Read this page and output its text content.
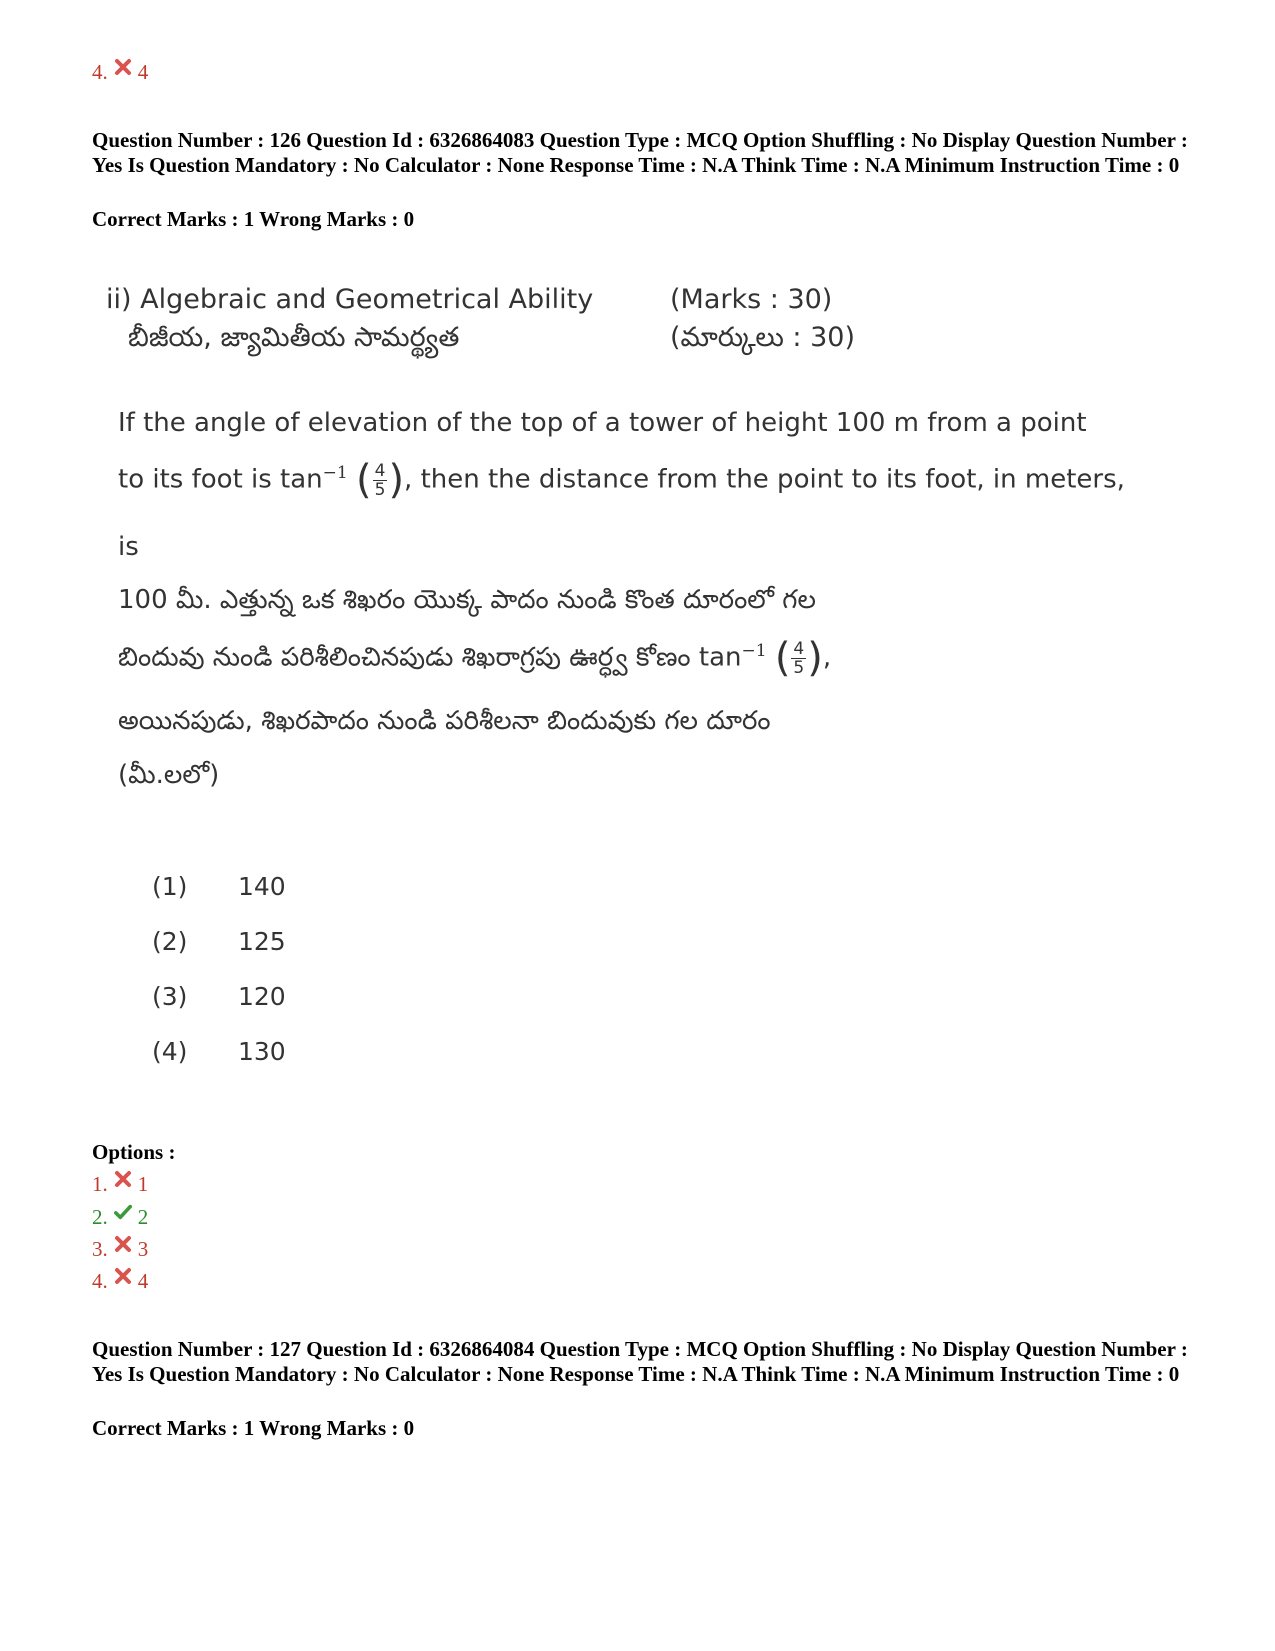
4. 4
Question Number : 126 Question Id : 6326864083 Question Type : MCQ Option Shuffling : No Display Question Number : Yes Is Question Mandatory : No Calculator : None Response Time : N.A Think Time : N.A Minimum Instruction Time : 0
Correct Marks : 1 Wrong Marks : 0
ii) Algebraic and Geometrical Ability	(Marks : 30)
బీజీయ, జ్యామితీయ సామర్థ్యత	(మార్కులు : 30)
If the angle of elevation of the top of a tower of height 100 m from a point
to its foot is $\tan^{-1}$ ( $\frac{4}{5}$ ) , then the distance from the point to its foot, in meters,
is
100 మీ. ఎత్తున్న ఒక శిఖరం యొక్క పాదం నుండి కొంత దూరంలో గల
బిందువు నుండి పరిశీలించినపుడు శిఖరాగ్రపు ఊర్ధ్వ కోణం $\tan^{-1}$ ( $\frac{4}{5}$ ) ,
అయినపుడు, శిఖరపాదం నుండి పరిశీలనా బిందువుకు గల దూరం
(మీ.లలో)
(1)	140
(2)	125
(3)	120
(4)	130
Options :
1. 1
2. 2
3. 3
4. 4
Question Number : 127 Question Id : 6326864084 Question Type : MCQ Option Shuffling : No Display Question Number : Yes Is Question Mandatory : No Calculator : None Response Time : N.A Think Time : N.A Minimum Instruction Time : 0
Correct Marks : 1 Wrong Marks : 0
